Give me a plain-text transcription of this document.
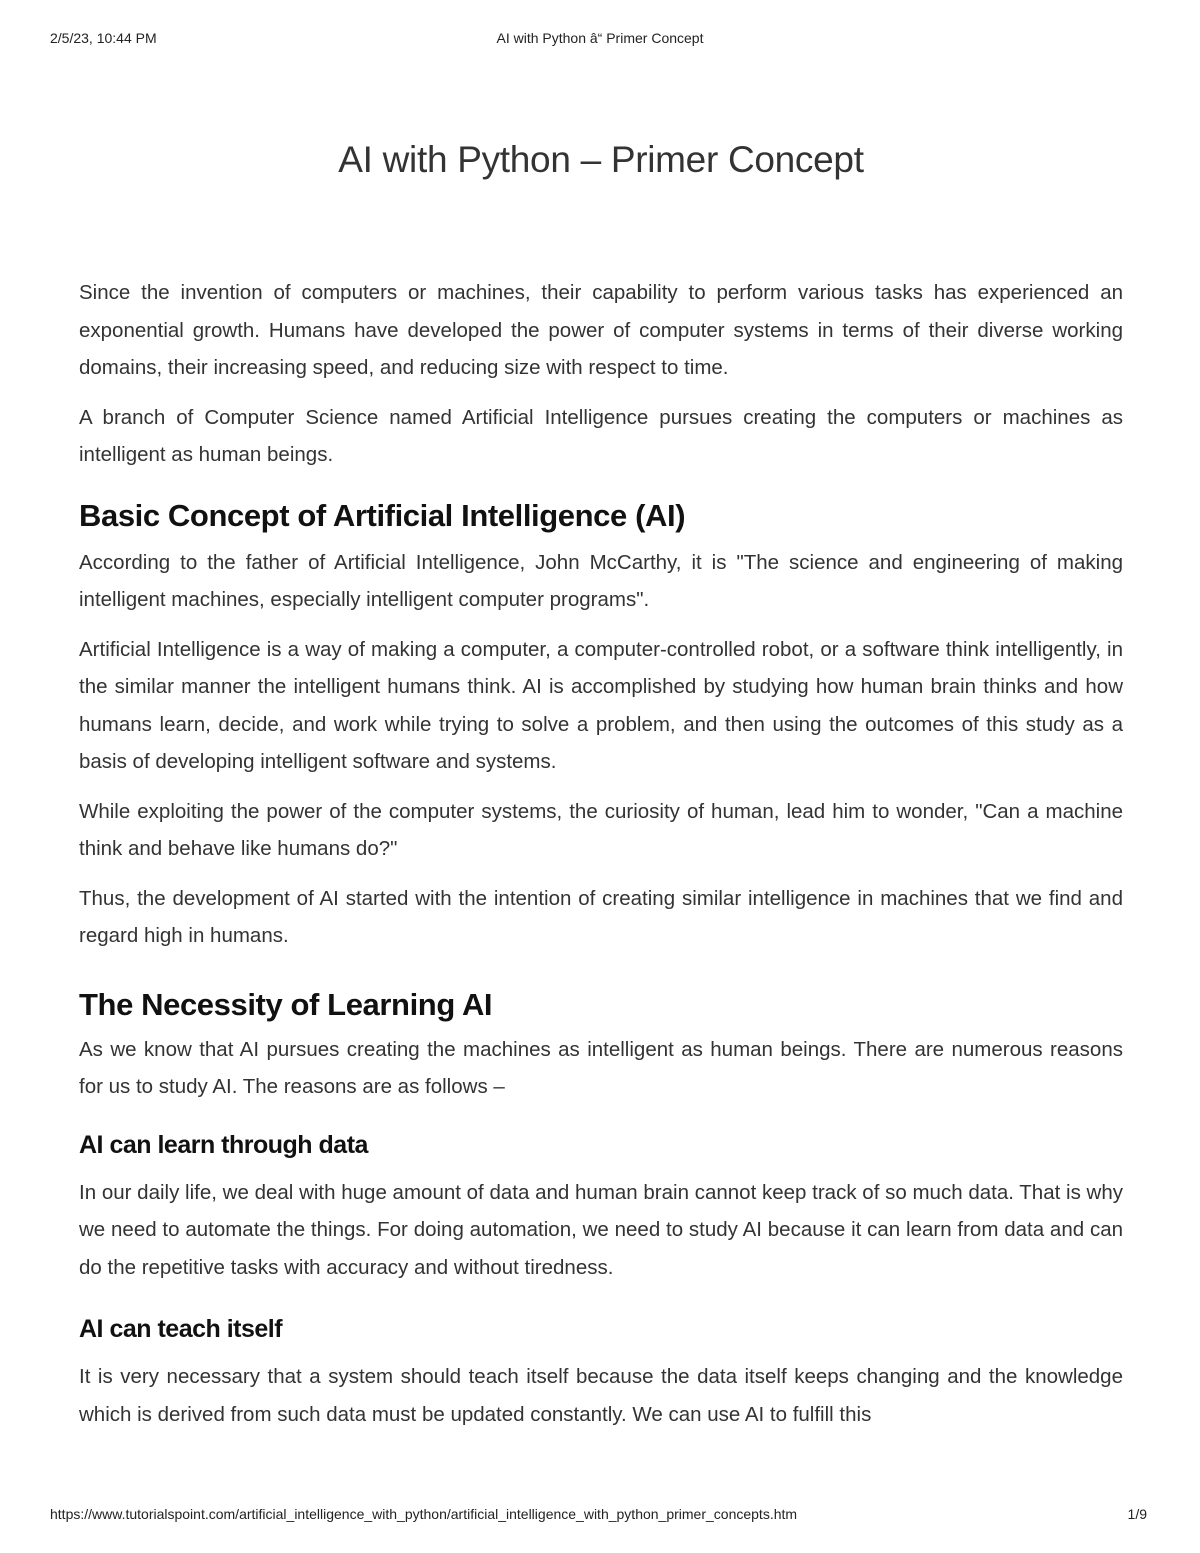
2/5/23, 10:44 PM	AI with Python â“ Primer Concept
AI with Python – Primer Concept

Since the invention of computers or machines, their capability to perform various tasks has experienced an exponential growth. Humans have developed the power of computer systems in terms of their diverse working domains, their increasing speed, and reducing size with respect to time.

A branch of Computer Science named Artificial Intelligence pursues creating the computers or machines as intelligent as human beings.

Basic Concept of Artificial Intelligence (AI)

According to the father of Artificial Intelligence, John McCarthy, it is "The science and engineering of making intelligent machines, especially intelligent computer programs".

Artificial Intelligence is a way of making a computer, a computer-controlled robot, or a software think intelligently, in the similar manner the intelligent humans think. AI is accomplished by studying how human brain thinks and how humans learn, decide, and work while trying to solve a problem, and then using the outcomes of this study as a basis of developing intelligent software and systems.

While exploiting the power of the computer systems, the curiosity of human, lead him to wonder, "Can a machine think and behave like humans do?"

Thus, the development of AI started with the intention of creating similar intelligence in machines that we find and regard high in humans.

The Necessity of Learning AI

As we know that AI pursues creating the machines as intelligent as human beings. There are numerous reasons for us to study AI. The reasons are as follows –

AI can learn through data

In our daily life, we deal with huge amount of data and human brain cannot keep track of so much data. That is why we need to automate the things. For doing automation, we need to study AI because it can learn from data and can do the repetitive tasks with accuracy and without tiredness.

AI can teach itself

It is very necessary that a system should teach itself because the data itself keeps changing and the knowledge which is derived from such data must be updated constantly. We can use AI to fulfill this

https://www.tutorialspoint.com/artificial_intelligence_with_python/artificial_intelligence_with_python_primer_concepts.htm	1/9
